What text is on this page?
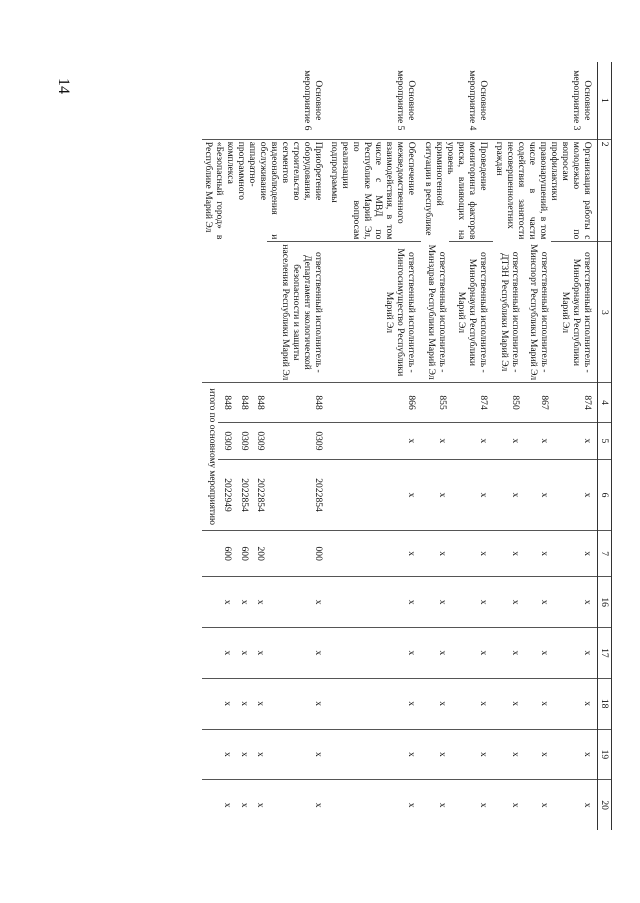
14
1	2	3	4	5	6	7	16	17	18	19	20
Основное мероприятие 3	Организация работы с молодежью по вопросам профилактики правонарушений, в том числе в части содействия занятости несовершеннолетних граждан	ответственный исполнитель - Минобрнауки Республики Марий Эл	874	x	x	x	x	x	x	x	x
		ответственный исполнитель - Минспорт Республики Марий Эл	867	x	x	x	x	x	x	x	x
		ответственный исполнитель - ДТЗН Республики Марий Эл	850	x	x	x	x	x	x	x	x
Основное мероприятие 4	Проведение мониторинга факторов риска, влияющих на уровень криминогенной ситуации в республике	ответственный исполнитель - Минобрнауки Республики Марий Эл	874	x	x	x	x	x	x	x	x
		ответственный исполнитель - Минздрав Республики Марий Эл	855	x	x	x	x	x	x	x	x
Основное мероприятие 5	Обеспечение межведомственного взаимодействия, в том числе с МВД по Республике Марий Эл, по вопросам реализации подпрограммы	ответственный исполнитель - Мингосимущество Республики Марий Эл	866	x	x	x	x	x	x	x	x
Основное мероприятие 6	Приобретение оборудования, строительство сегментов видеонаблюдения и обслуживание аппаратно-программного комплекса «Безопасный город» в Республике Марий Эл	ответственный исполнитель - Департамент экологической безопасности и защиты населения Республики Марий Эл	848	0309	2022854	000	x	x	x	x	x
			848	0309	2022854	200	x	x	x	x	x
			848	0309	2022854	600	x	x	x	x	x
			848	0309	2022949	600	x	x	x	x	x
			итого по основному мероприятию								
